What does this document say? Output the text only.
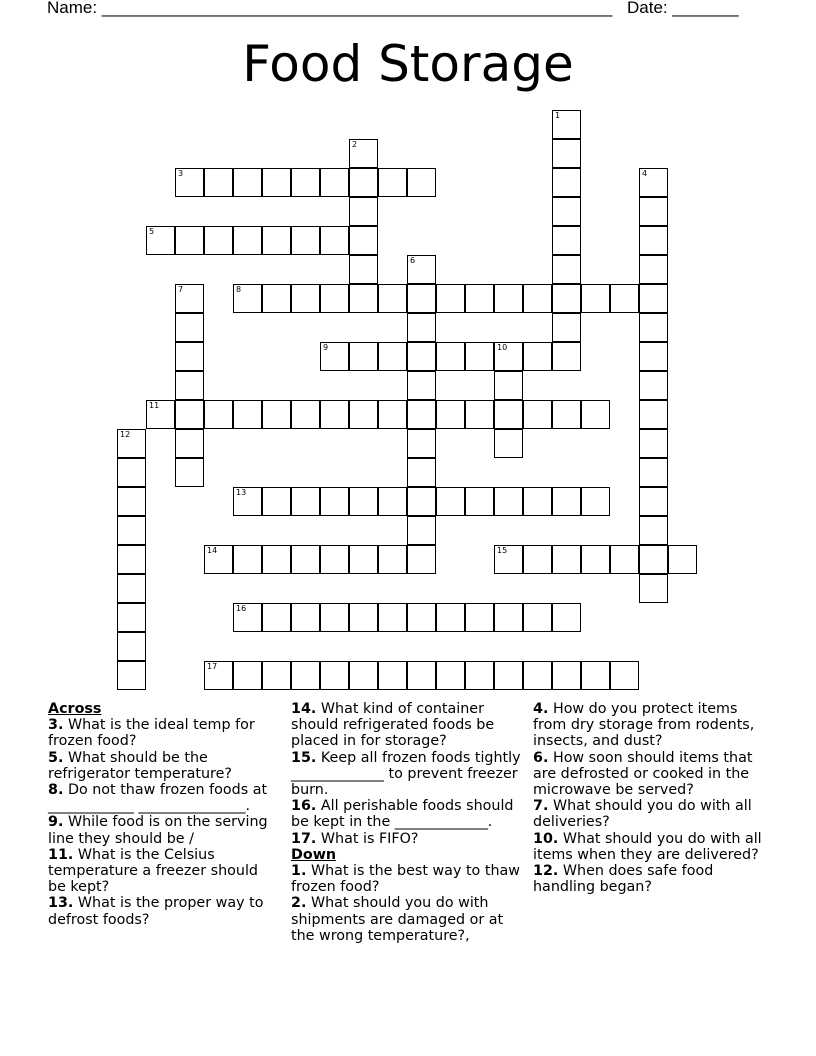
Name: ______________________________________________________ Date: _______
Food Storage
1
2
3	4
5
6
7	8
9	10
11
12
13
14	15
16
17
Across
3. What is the ideal temp for frozen food?
5. What should be the refrigerator temperature?
8. Do not thaw frozen foods at ____________ _______________.
9. While food is on the serving line they should be /
11. What is the Celsius temperature a freezer should be kept?
13. What is the proper way to defrost foods?
14. What kind of container should refrigerated foods be placed in for storage?
15. Keep all frozen foods tightly _____________ to prevent freezer burn.
16. All perishable foods should be kept in the _____________.
17. What is FIFO?
Down
1. What is the best way to thaw frozen food?
2. What should you do with shipments are damaged or at the wrong temperature?,
4. How do you protect items from dry storage from rodents, insects, and dust?
6. How soon should items that are defrosted or cooked in the microwave be served?
7. What should you do with all deliveries?
10. What should you do with all items when they are delivered?
12. When does safe food handling began?
